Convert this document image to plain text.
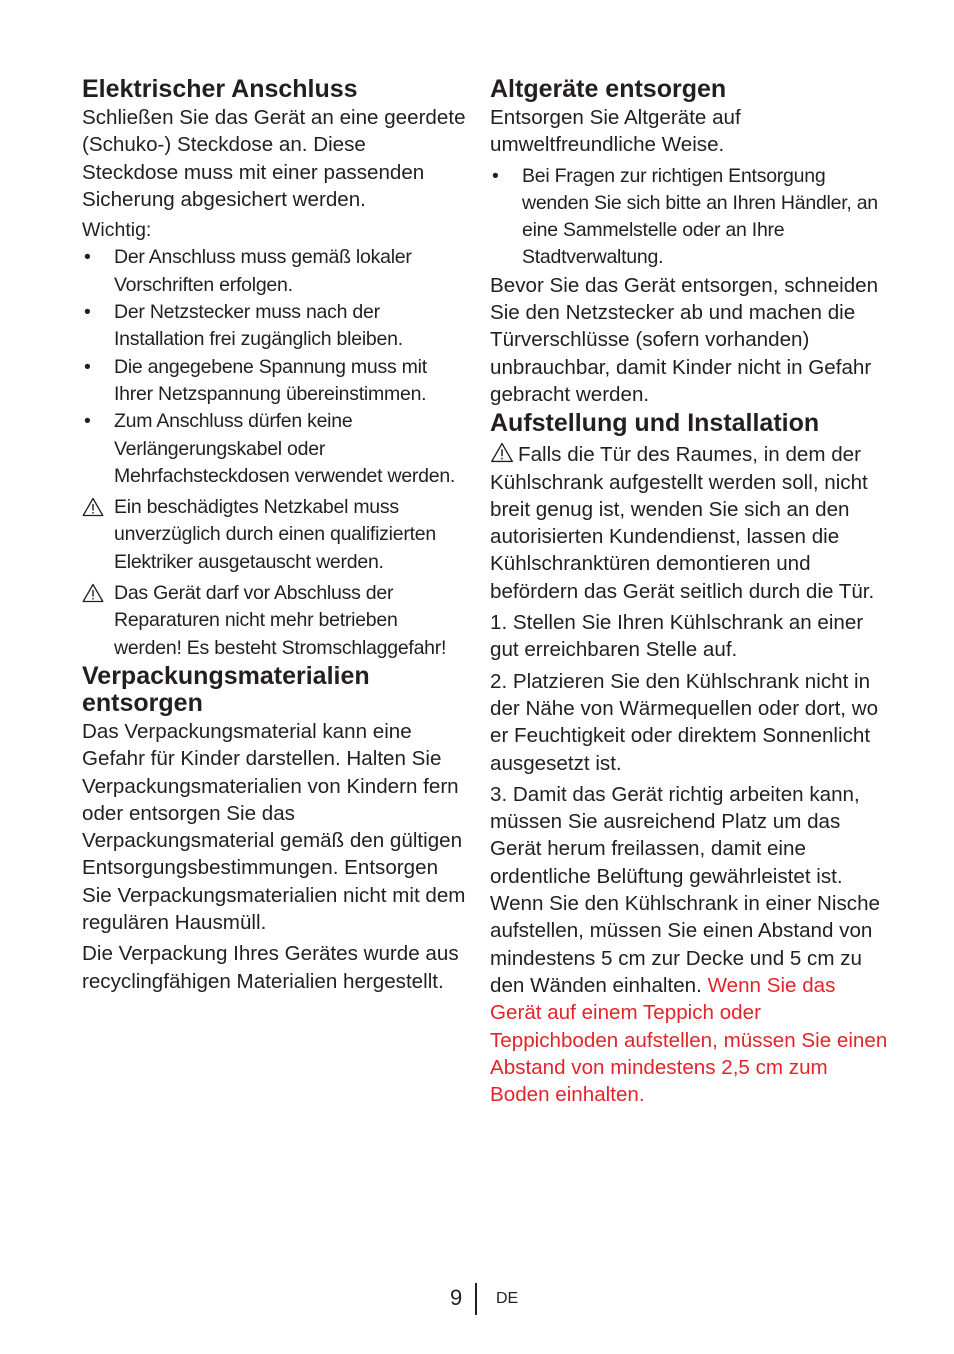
Elektrischer Anschluss

Schließen Sie das Gerät an eine geerdete (Schuko-) Steckdose an. Diese Steckdose muss mit einer passenden Sicherung abgesichert werden.

Wichtig:

• Der Anschluss muss gemäß lokaler Vorschriften erfolgen.
• Der Netzstecker muss nach der Installation frei zugänglich bleiben.
• Die angegebene Spannung muss mit Ihrer Netzspannung übereinstimmen.
• Zum Anschluss dürfen keine Verlängerungskabel oder Mehrfachsteckdosen verwendet werden.
Ein beschädigtes Netzkabel muss unverzüglich durch einen qualifizierten Elektriker ausgetauscht werden.
Das Gerät darf vor Abschluss der Reparaturen nicht mehr betrieben werden! Es besteht Stromschlaggefahr!
Verpackungsmaterialien entsorgen

Das Verpackungsmaterial kann eine Gefahr für Kinder darstellen. Halten Sie Verpackungsmaterialien von Kindern fern oder entsorgen Sie das Verpackungsmaterial gemäß den gültigen Entsorgungsbestimmungen. Entsorgen Sie Verpackungsmaterialien nicht mit dem regulären Hausmüll.

Die Verpackung Ihres Gerätes wurde aus recyclingfähigen Materialien hergestellt.

Altgeräte entsorgen

Entsorgen Sie Altgeräte auf umweltfreundliche Weise.

• Bei Fragen zur richtigen Entsorgung wenden Sie sich bitte an Ihren Händler, an eine Sammelstelle oder an Ihre Stadtverwaltung.

Bevor Sie das Gerät entsorgen, schneiden Sie den Netzstecker ab und machen die Türverschlüsse (sofern vorhanden) unbrauchbar, damit Kinder nicht in Gefahr gebracht werden.

Aufstellung und Installation

Falls die Tür des Raumes, in dem der Kühlschrank aufgestellt werden soll, nicht breit genug ist, wenden Sie sich an den autorisierten Kundendienst, lassen die Kühlschranktüren demontieren und befördern das Gerät seitlich durch die Tür.

1. Stellen Sie Ihren Kühlschrank an einer gut erreichbaren Stelle auf.

2. Platzieren Sie den Kühlschrank nicht in der Nähe von Wärmequellen oder dort, wo er Feuchtigkeit oder direktem Sonnenlicht ausgesetzt ist.

3. Damit das Gerät richtig arbeiten kann, müssen Sie ausreichend Platz um das Gerät herum freilassen, damit eine ordentliche Belüftung gewährleistet ist. Wenn Sie den Kühlschrank in einer Nische aufstellen, müssen Sie einen Abstand von mindestens 5 cm zur Decke und 5 cm zu den Wänden einhalten. Wenn Sie das Gerät auf einem Teppich oder Teppichboden aufstellen, müssen Sie einen Abstand von mindestens 2,5 cm zum Boden einhalten.

9 DE
